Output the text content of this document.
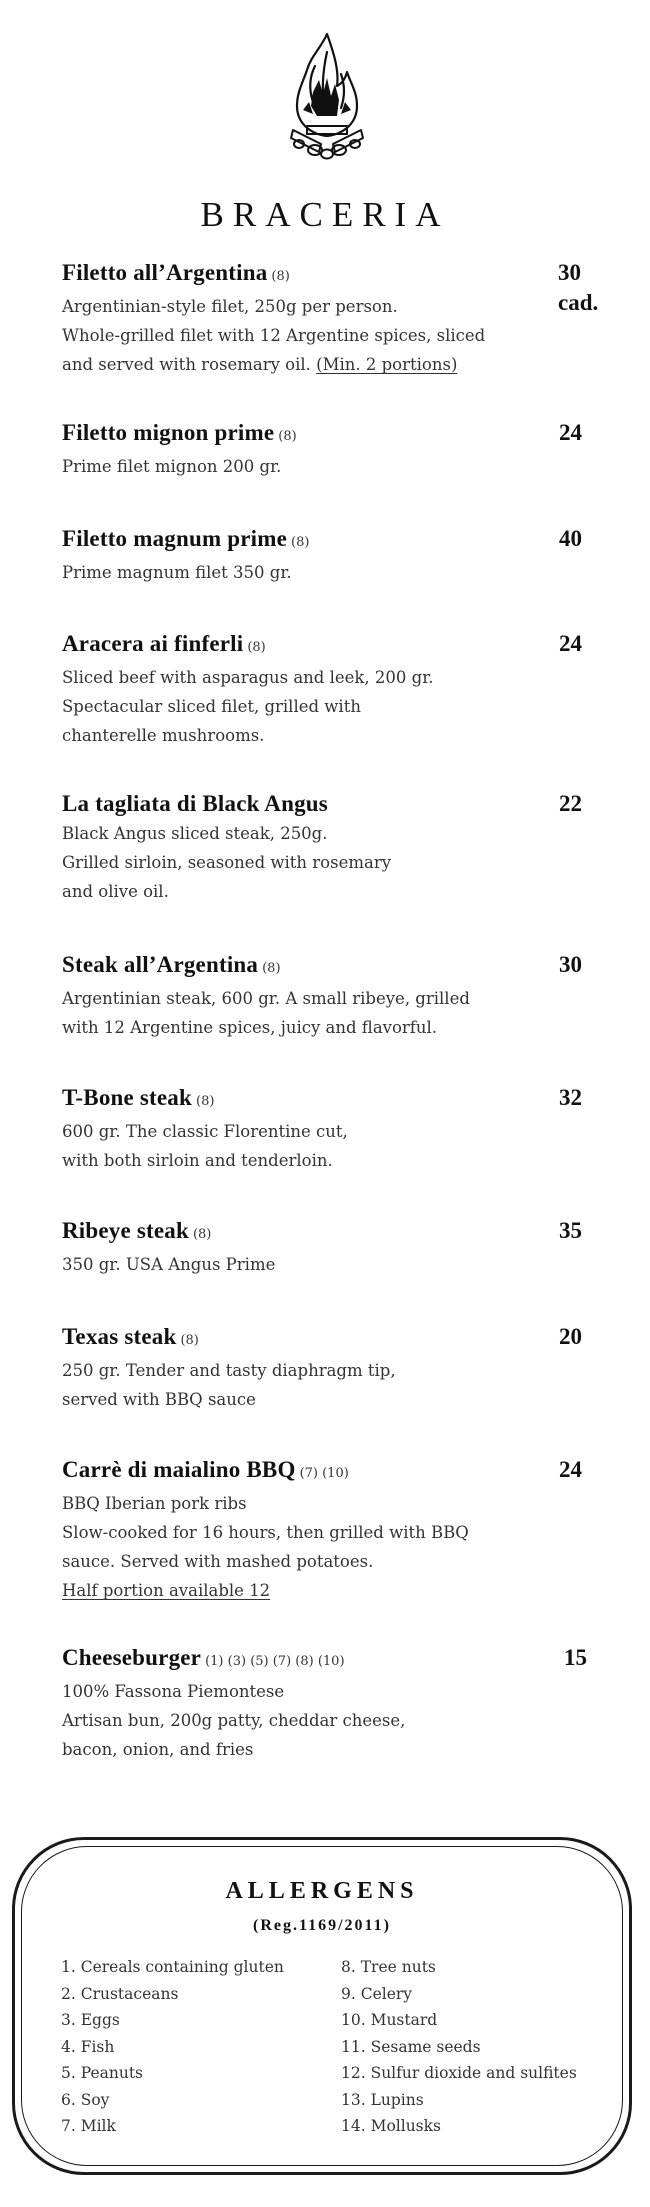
BRACERIA
Filetto all’Argentina (8)	30 cad.
Argentinian-style filet, 250g per person.
Whole-grilled filet with 12 Argentine spices, sliced
and served with rosemary oil. (Min. 2 portions)
Filetto mignon prime (8)	24
Prime filet mignon 200 gr.
Filetto magnum prime (8)	40
Prime magnum filet 350 gr.
Aracera ai finferli (8)	24
Sliced beef with asparagus and leek, 200 gr.
Spectacular sliced filet, grilled with
chanterelle mushrooms.
La tagliata di Black Angus	22
Black Angus sliced steak, 250g.
Grilled sirloin, seasoned with rosemary
and olive oil.
Steak all’Argentina (8)	30
Argentinian steak, 600 gr. A small ribeye, grilled
with 12 Argentine spices, juicy and flavorful.
T-Bone steak (8)	32
600 gr. The classic Florentine cut,
with both sirloin and tenderloin.
Ribeye steak (8)	35
350 gr. USA Angus Prime
Texas steak (8)	20
250 gr. Tender and tasty diaphragm tip,
served with BBQ sauce
Carrè di maialino BBQ (7) (10)	24
BBQ Iberian pork ribs
Slow-cooked for 16 hours, then grilled with BBQ
sauce. Served with mashed potatoes.
Half portion available 12
Cheeseburger (1) (3) (5) (7) (8) (10)	15
100% Fassona Piemontese
Artisan bun, 200g patty, cheddar cheese,
bacon, onion, and fries
ALLERGENS
(Reg.1169/2011)
1. Cereals containing gluten
2. Crustaceans
3. Eggs
4. Fish
5. Peanuts
6. Soy
7. Milk
8. Tree nuts
9. Celery
10. Mustard
11. Sesame seeds
12. Sulfur dioxide and sulfites
13. Lupins
14. Mollusks
